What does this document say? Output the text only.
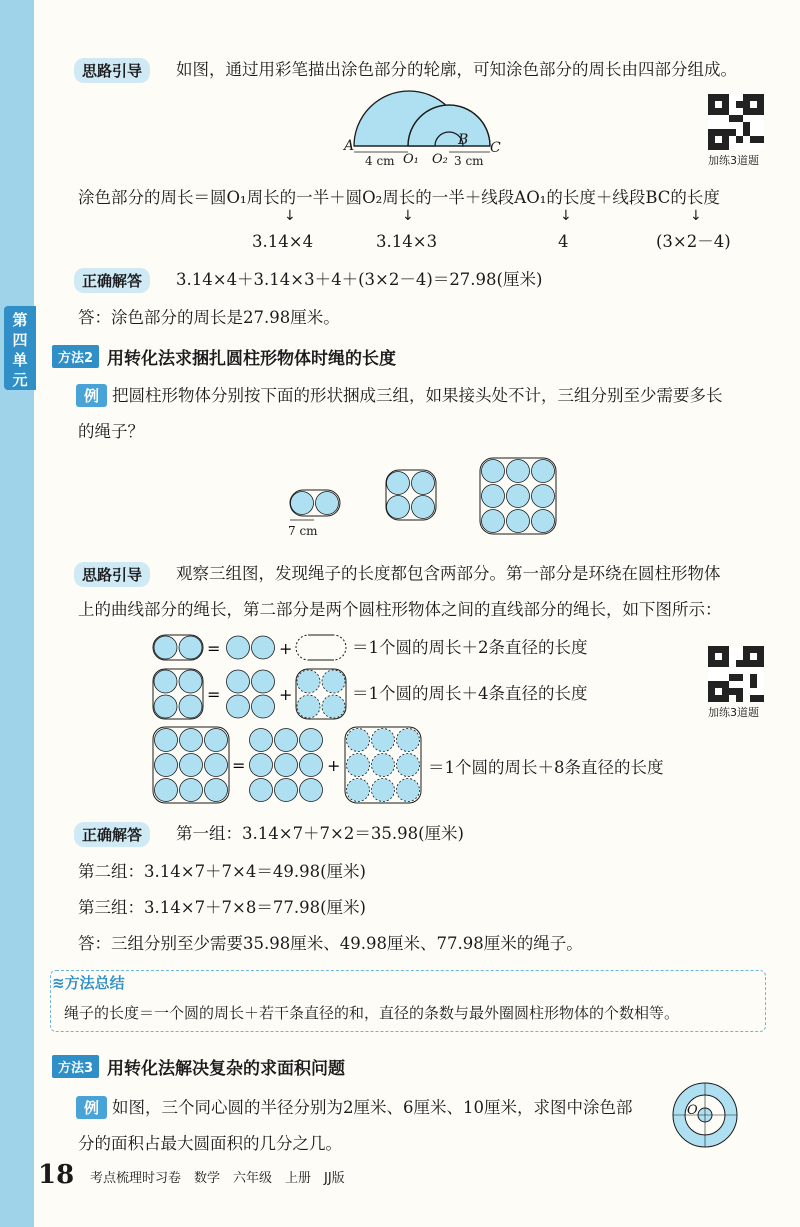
第
四
单
元
思路引导	如图，通过用彩笔描出涂色部分的轮廓，可知涂色部分的周长由四部分组成。
A	B C
O₁ O₂
4 cm	3 cm	加练3道题
涂色部分的周长＝圆O₁周长的一半＋圆O₂周长的一半＋线段AO₁的长度＋线段BC的长度
↓	↓	↓	↓
3.14×4	3.14×3	4	(3×2－4)
正确解答	3.14×4＋3.14×3＋4＋(3×2－4)＝27.98(厘米)
答：涂色部分的周长是27.98厘米。
方法2 用转化法求捆扎圆柱形物体时绳的长度
例 把圆柱形物体分别按下面的形状捆成三组，如果接头处不计，三组分别至少需要多长
的绳子？
7 cm
思路引导	观察三组图，发现绳子的长度都包含两部分。第一部分是环绕在圆柱形物体
上的曲线部分的绳长，第二部分是两个圆柱形物体之间的直线部分的绳长，如下图所示：
=	+	＝1个圆的周长＋2条直径的长度
=	+	＝1个圆的周长＋4条直径的长度
加练3道题
=	+	＝1个圆的周长＋8条直径的长度
正确解答	第一组：3.14×7＋7×2＝35.98(厘米)
第二组：3.14×7＋7×4＝49.98(厘米)
第三组：3.14×7＋7×8＝77.98(厘米)
答：三组分别至少需要35.98厘米、49.98厘米、77.98厘米的绳子。
≋方法总结
绳子的长度＝一个圆的周长＋若干条直径的和，直径的条数与最外圈圆柱形物体的个数相等。
方法3 用转化法解决复杂的求面积问题
例 如图，三个同心圆的半径分别为2厘米、6厘米、10厘米，求图中涂色部
分的面积占最大圆面积的几分之几。
O
18 考点梳理时习卷　数学　六年级　上册　JJ版
